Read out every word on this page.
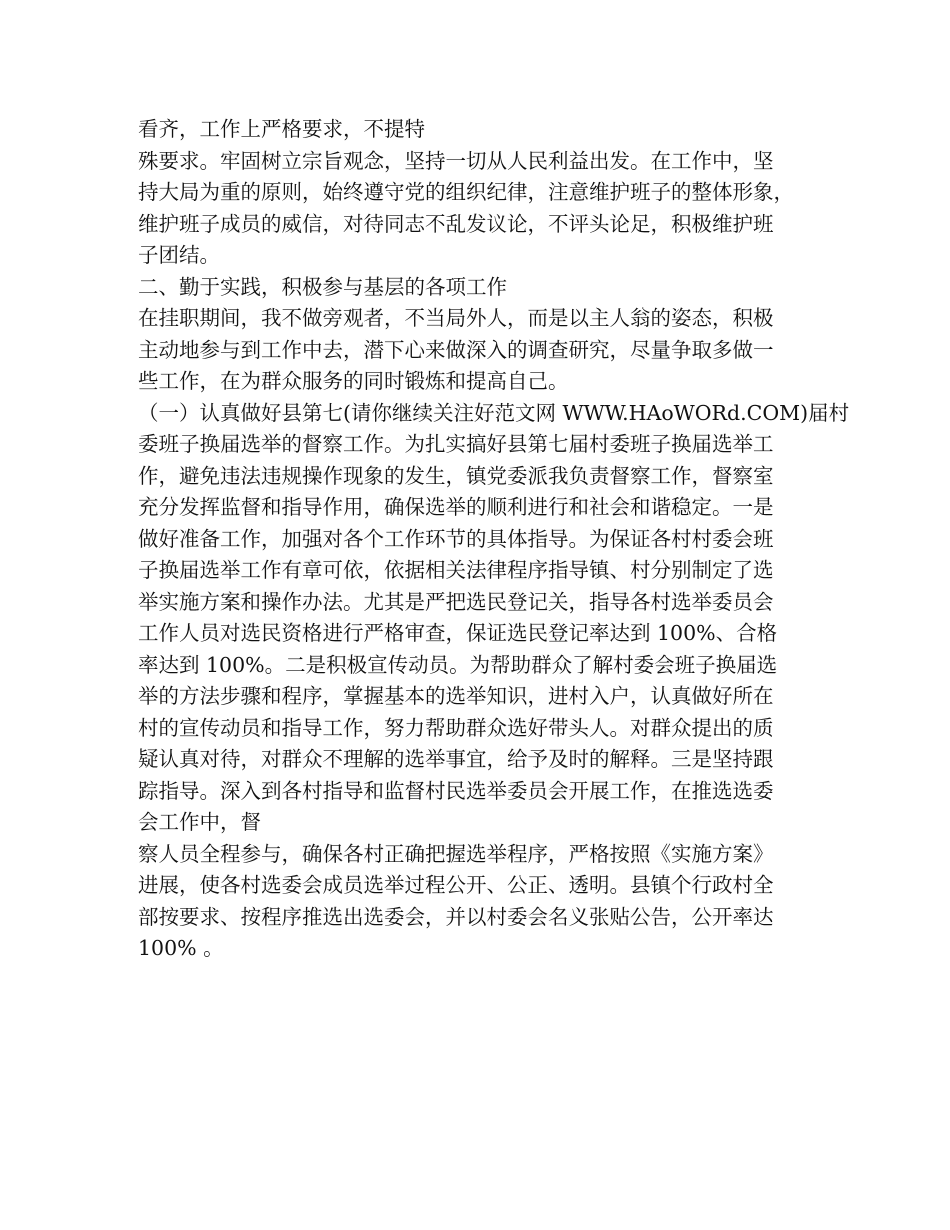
看齐，工作上严格要求，不提特
殊要求。牢固树立宗旨观念，坚持一切从人民利益出发。在工作中，坚
持大局为重的原则，始终遵守党的组织纪律，注意维护班子的整体形象，
维护班子成员的威信，对待同志不乱发议论，不评头论足，积极维护班
子团结。
二、勤于实践，积极参与基层的各项工作
在挂职期间，我不做旁观者，不当局外人，而是以主人翁的姿态，积极
主动地参与到工作中去，潜下心来做深入的调查研究，尽量争取多做一
些工作，在为群众服务的同时锻炼和提高自己。
（一）认真做好县第七(请你继续关注好范文网 WWW.HAoWORd.COM)届村
委班子换届选举的督察工作。为扎实搞好县第七届村委班子换届选举工
作，避免违法违规操作现象的发生，镇党委派我负责督察工作，督察室
充分发挥监督和指导作用，确保选举的顺利进行和社会和谐稳定。一是
做好准备工作，加强对各个工作环节的具体指导。为保证各村村委会班
子换届选举工作有章可依，依据相关法律程序指导镇、村分别制定了选
举实施方案和操作办法。尤其是严把选民登记关，指导各村选举委员会
工作人员对选民资格进行严格审查，保证选民登记率达到 100%、合格
率达到 100%。二是积极宣传动员。为帮助群众了解村委会班子换届选
举的方法步骤和程序，掌握基本的选举知识，进村入户，认真做好所在
村的宣传动员和指导工作，努力帮助群众选好带头人。对群众提出的质
疑认真对待，对群众不理解的选举事宜，给予及时的解释。三是坚持跟
踪指导。深入到各村指导和监督村民选举委员会开展工作，在推选选委
会工作中，督
察人员全程参与，确保各村正确把握选举程序，严格按照《实施方案》
进展，使各村选委会成员选举过程公开、公正、透明。县镇个行政村全
部按要求、按程序推选出选委会，并以村委会名义张贴公告，公开率达
100% 。
